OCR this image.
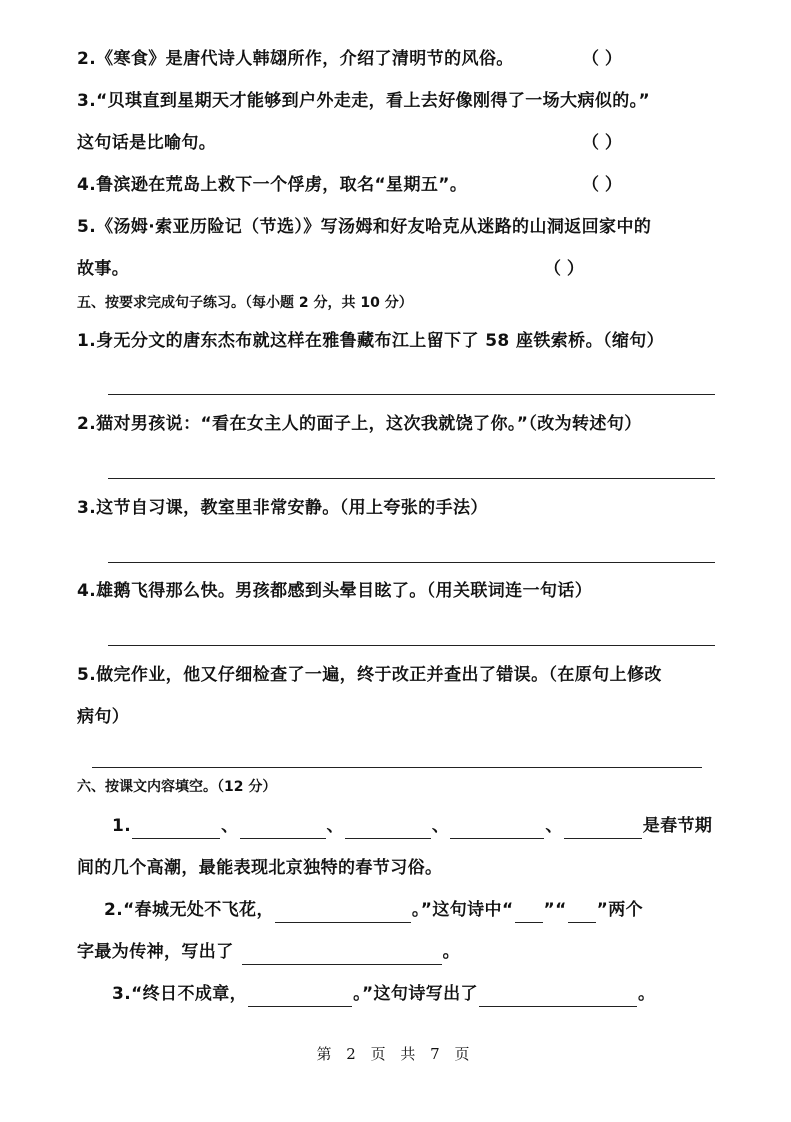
2.《寒食》是唐代诗人韩翃所作，介绍了清明节的风俗。	（ ）
3.“贝琪直到星期天才能够到户外走走，看上去好像刚得了一场大病似的。”
这句话是比喻句。	（ ）
4.鲁滨逊在荒岛上救下一个俘虏，取名“星期五”。	（ ）
5.《汤姆·索亚历险记（节选）》写汤姆和好友哈克从迷路的山洞返回家中的
故事。	（ ）
五、按要求完成句子练习。（每小题 2 分，共 10 分）
1.身无分文的唐东杰布就这样在雅鲁藏布江上留下了 58 座铁索桥。（缩句）
2.猫对男孩说：“看在女主人的面子上，这次我就饶了你。”（改为转述句）
3.这节自习课，教室里非常安静。（用上夸张的手法）
4.雄鹅飞得那么快。男孩都感到头晕目眩了。（用关联词连一句话）
5.做完作业，他又仔细检查了一遍，终于改正并查出了错误。（在原句上修改
病句）
六、按课文内容填空。（12 分）
1.	、	、	、	、	是春节期
间的几个高潮，最能表现北京独特的春节习俗。
2.“春城无处不飞花，	。”这句诗中“ ”“ ”两个
字最为传神，写出了	。
3.“终日不成章，	。”这句诗写出了	。
第 2 页 共 7 页
